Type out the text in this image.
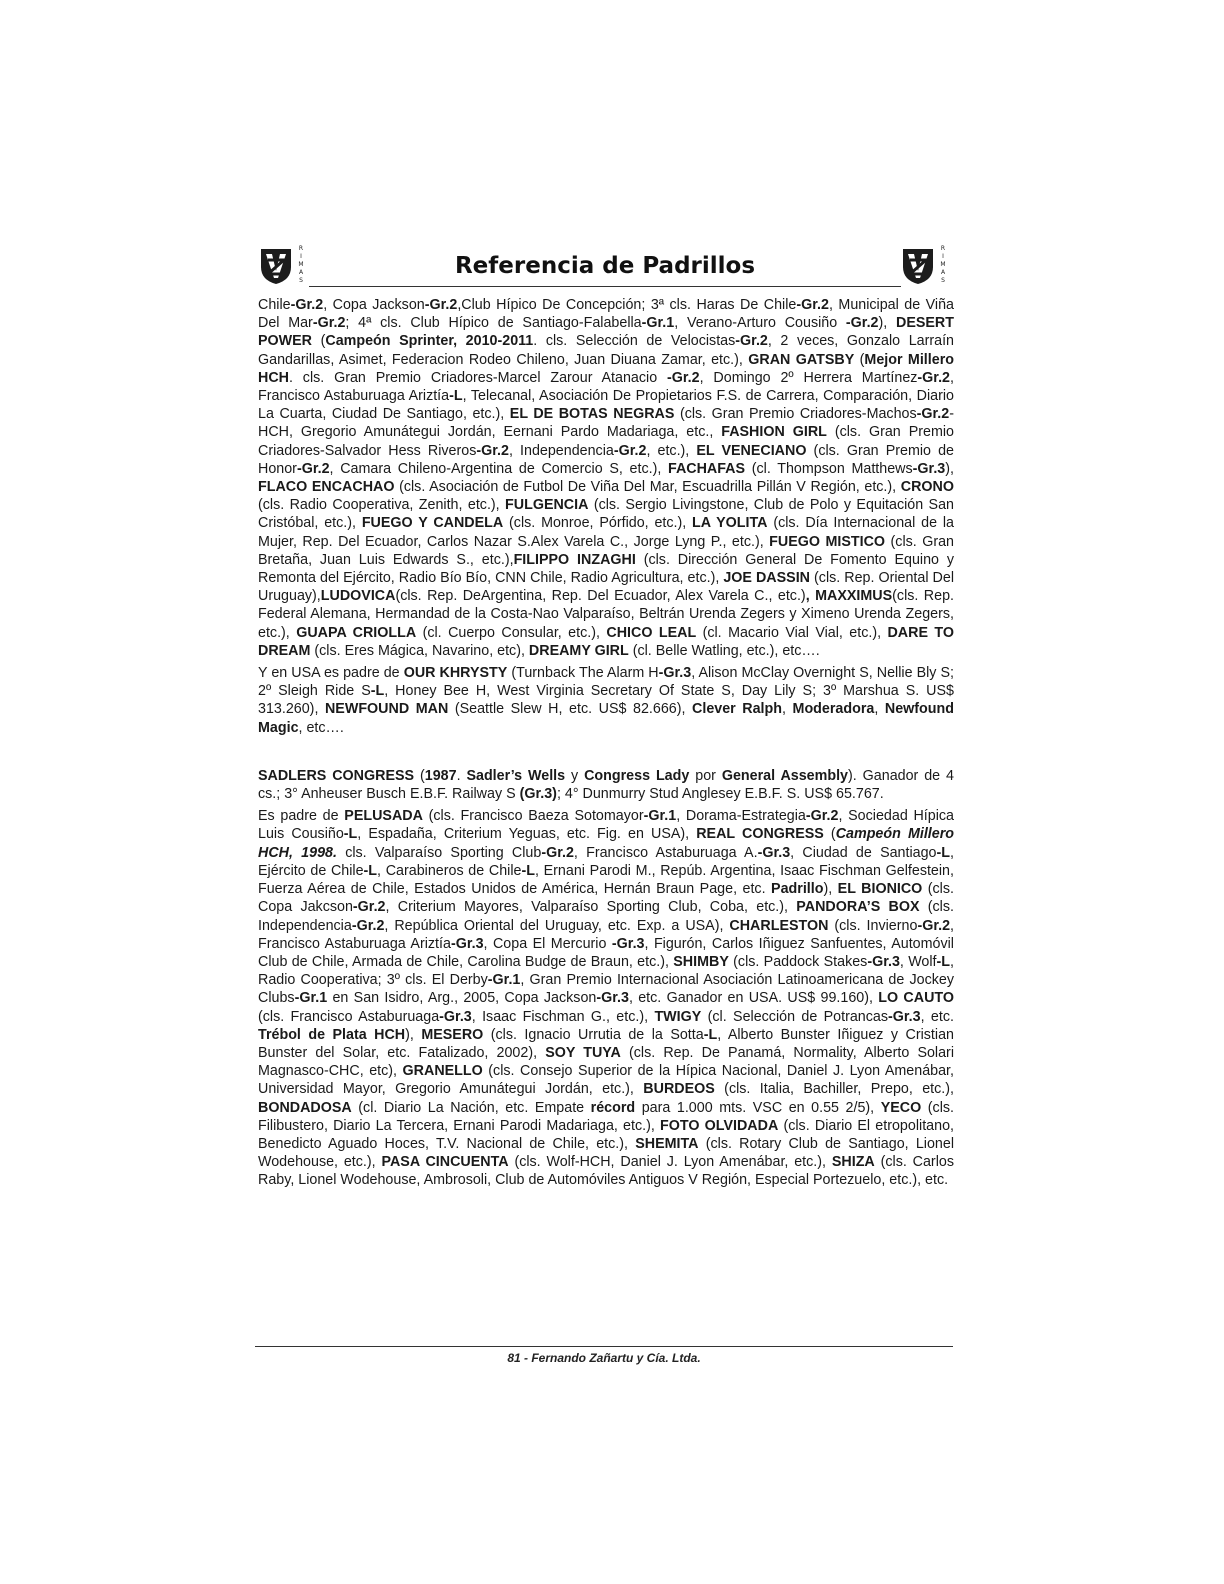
R
I
M
A
S
Referencia de Padrillos
R
I
M
A
S

Chile-Gr.2, Copa Jackson-Gr.2,Club Hípico De Concepción; 3ª cls. Haras De Chile-Gr.2, Municipal de Viña Del Mar-Gr.2; 4ª cls. Club Hípico de Santiago-Falabella-Gr.1, Verano-Arturo Cousiño -Gr.2), DESERT POWER (Campeón Sprinter, 2010-2011. cls. Selección de Velocistas-Gr.2, 2 veces, Gonzalo Larraín Gandarillas, Asimet, Federacion Rodeo Chileno, Juan Diuana Zamar, etc.), GRAN GATSBY (Mejor Millero HCH. cls. Gran Premio Criadores-Marcel Zarour Atanacio -Gr.2, Domingo 2º Herrera Martínez-Gr.2, Francisco Astaburuaga Ariztía-L, Telecanal, Asociación De Propietarios F.S. de Carrera, Comparación, Diario La Cuarta, Ciudad De Santiago, etc.), EL DE BOTAS NEGRAS (cls. Gran Premio Criadores-Machos-Gr.2-HCH, Gregorio Amunátegui Jordán, Eernani Pardo Madariaga, etc., FASHION GIRL (cls. Gran Premio Criadores-Salvador Hess Riveros-Gr.2, Independencia-Gr.2, etc.), EL VENECIANO (cls. Gran Premio de Honor-Gr.2, Camara Chileno-Argentina de Comercio S, etc.), FACHAFAS (cl. Thompson Matthews-Gr.3), FLACO ENCACHAO (cls. Asociación de Futbol De Viña Del Mar, Escuadrilla Pillán V Región, etc.), CRONO (cls. Radio Cooperativa, Zenith, etc.), FULGENCIA (cls. Sergio Livingstone, Club de Polo y Equitación San Cristóbal, etc.), FUEGO Y CANDELA (cls. Monroe, Pórfido, etc.), LA YOLITA (cls. Día Internacional de la Mujer, Rep. Del Ecuador, Carlos Nazar S.Alex Varela C., Jorge Lyng P., etc.), FUEGO MISTICO (cls. Gran Bretaña, Juan Luis Edwards S., etc.),FILIPPO INZAGHI (cls. Dirección General De Fomento Equino y Remonta del Ejército, Radio Bío Bío, CNN Chile, Radio Agricultura, etc.), JOE DASSIN (cls. Rep. Oriental Del Uruguay),LUDOVICA(cls. Rep. DeArgentina, Rep. Del Ecuador, Alex Varela C., etc.), MAXXIMUS(cls. Rep. Federal Alemana, Hermandad de la Costa-Nao Valparaíso, Beltrán Urenda Zegers y Ximeno Urenda Zegers, etc.), GUAPA CRIOLLA (cl. Cuerpo Consular, etc.), CHICO LEAL (cl. Macario Vial Vial, etc.), DARE TO DREAM (cls. Eres Mágica, Navarino, etc), DREAMY GIRL (cl. Belle Watling, etc.), etc….

Y en USA es padre de OUR KHRYSTY (Turnback The Alarm H-Gr.3, Alison McClay Overnight S, Nellie Bly S; 2º Sleigh Ride S-L, Honey Bee H, West Virginia Secretary Of State S, Day Lily S; 3º Marshua S. US$ 313.260), NEWFOUND MAN (Seattle Slew H, etc. US$ 82.666), Clever Ralph, Moderadora, Newfound Magic, etc….

SADLERS CONGRESS (1987. Sadler’s Wells y Congress Lady por General Assembly). Ganador de 4 cs.; 3° Anheuser Busch E.B.F. Railway S (Gr.3); 4° Dunmurry Stud Anglesey E.B.F. S. US$ 65.767.

Es padre de PELUSADA (cls. Francisco Baeza Sotomayor-Gr.1, Dorama-Estrategia-Gr.2, Sociedad Hípica Luis Cousiño-L, Espadaña, Criterium Yeguas, etc. Fig. en USA), REAL CONGRESS (Campeón Millero HCH, 1998. cls. Valparaíso Sporting Club-Gr.2, Francisco Astaburuaga A.-Gr.3, Ciudad de Santiago-L, Ejército de Chile-L, Carabineros de Chile-L, Ernani Parodi M., Repúb. Argentina, Isaac Fischman Gelfestein, Fuerza Aérea de Chile, Estados Unidos de América, Hernán Braun Page, etc. Padrillo), EL BIONICO (cls. Copa Jakcson-Gr.2, Criterium Mayores, Valparaíso Sporting Club, Coba, etc.), PANDORA’S BOX (cls. Independencia-Gr.2, República Oriental del Uruguay, etc. Exp. a USA), CHARLESTON (cls. Invierno-Gr.2, Francisco Astaburuaga Ariztía-Gr.3, Copa El Mercurio -Gr.3, Figurón, Carlos Iñiguez Sanfuentes, Automóvil Club de Chile, Armada de Chile, Carolina Budge de Braun, etc.), SHIMBY (cls. Paddock Stakes-Gr.3, Wolf-L, Radio Cooperativa; 3º cls. El Derby-Gr.1, Gran Premio Internacional Asociación Latinoamericana de Jockey Clubs-Gr.1 en San Isidro, Arg., 2005, Copa Jackson-Gr.3, etc. Ganador en USA. US$ 99.160), LO CAUTO (cls. Francisco Astaburuaga-Gr.3, Isaac Fischman G., etc.), TWIGY (cl. Selección de Potrancas-Gr.3, etc. Trébol de Plata HCH), MESERO (cls. Ignacio Urrutia de la Sotta-L, Alberto Bunster Iñiguez y Cristian Bunster del Solar, etc. Fatalizado, 2002), SOY TUYA (cls. Rep. De Panamá, Normality, Alberto Solari Magnasco-CHC, etc), GRANELLO (cls. Consejo Superior de la Hípica Nacional, Daniel J. Lyon Amenábar, Universidad Mayor, Gregorio Amunátegui Jordán, etc.), BURDEOS (cls. Italia, Bachiller, Prepo, etc.), BONDADOSA (cl. Diario La Nación, etc. Empate récord para 1.000 mts. VSC en 0.55 2/5), YECO (cls. Filibustero, Diario La Tercera, Ernani Parodi Madariaga, etc.), FOTO OLVIDADA (cls. Diario El etropolitano, Benedicto Aguado Hoces, T.V. Nacional de Chile, etc.), SHEMITA (cls. Rotary Club de Santiago, Lionel Wodehouse, etc.), PASA CINCUENTA (cls. Wolf-HCH, Daniel J. Lyon Amenábar, etc.), SHIZA (cls. Carlos Raby, Lionel Wodehouse, Ambrosoli, Club de Automóviles Antiguos V Región, Especial Portezuelo, etc.), etc.

81 - Fernando Zañartu y Cía. Ltda.
